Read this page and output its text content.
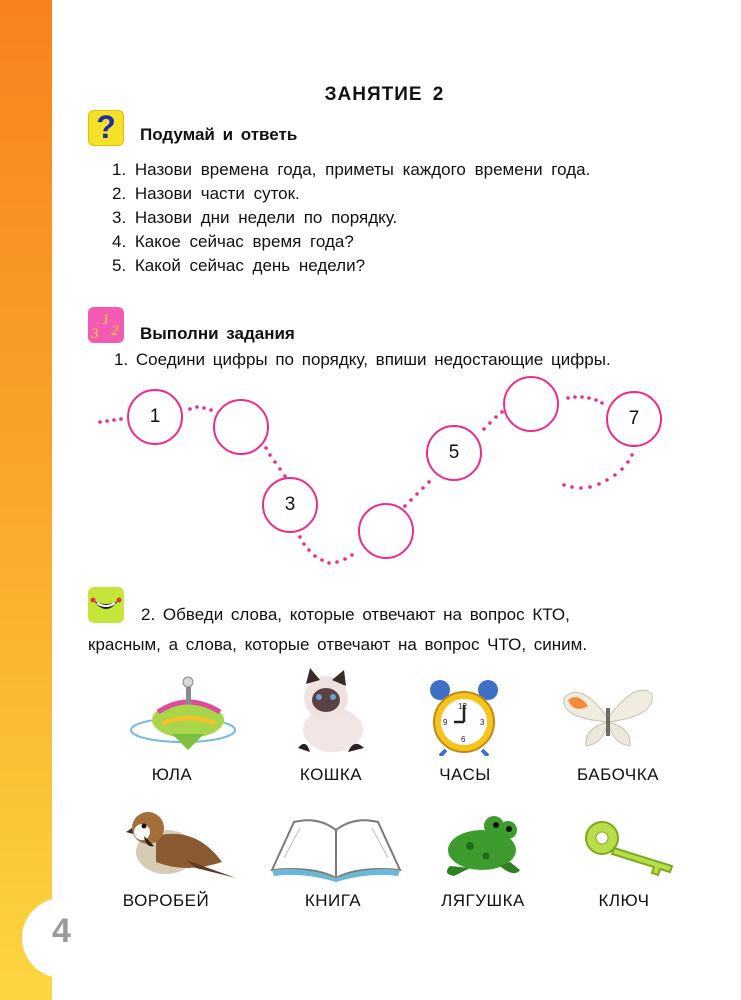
4
ЗАНЯТИЕ 2
?	Подумай и ответь
1. Назови времена года, приметы каждого времени года.
2. Назови части суток.
3. Назови дни недели по порядку.
4. Какое сейчас время года?
5. Какой сейчас день недели?
3
1
2 Выполни задания
1. Соедини цифры по порядку, впиши недостающие цифры.
1
3
5
7
2. Обведи слова, которые отвечают на вопрос КТО,
красным, а слова, которые отвечают на вопрос ЧТО, синим.
12
3
6
9
ЮЛА	КОШКА	ЧАСЫ	БАБОЧКА
ВОРОБЕЙ	КНИГА	ЛЯГУШКА	КЛЮЧ
